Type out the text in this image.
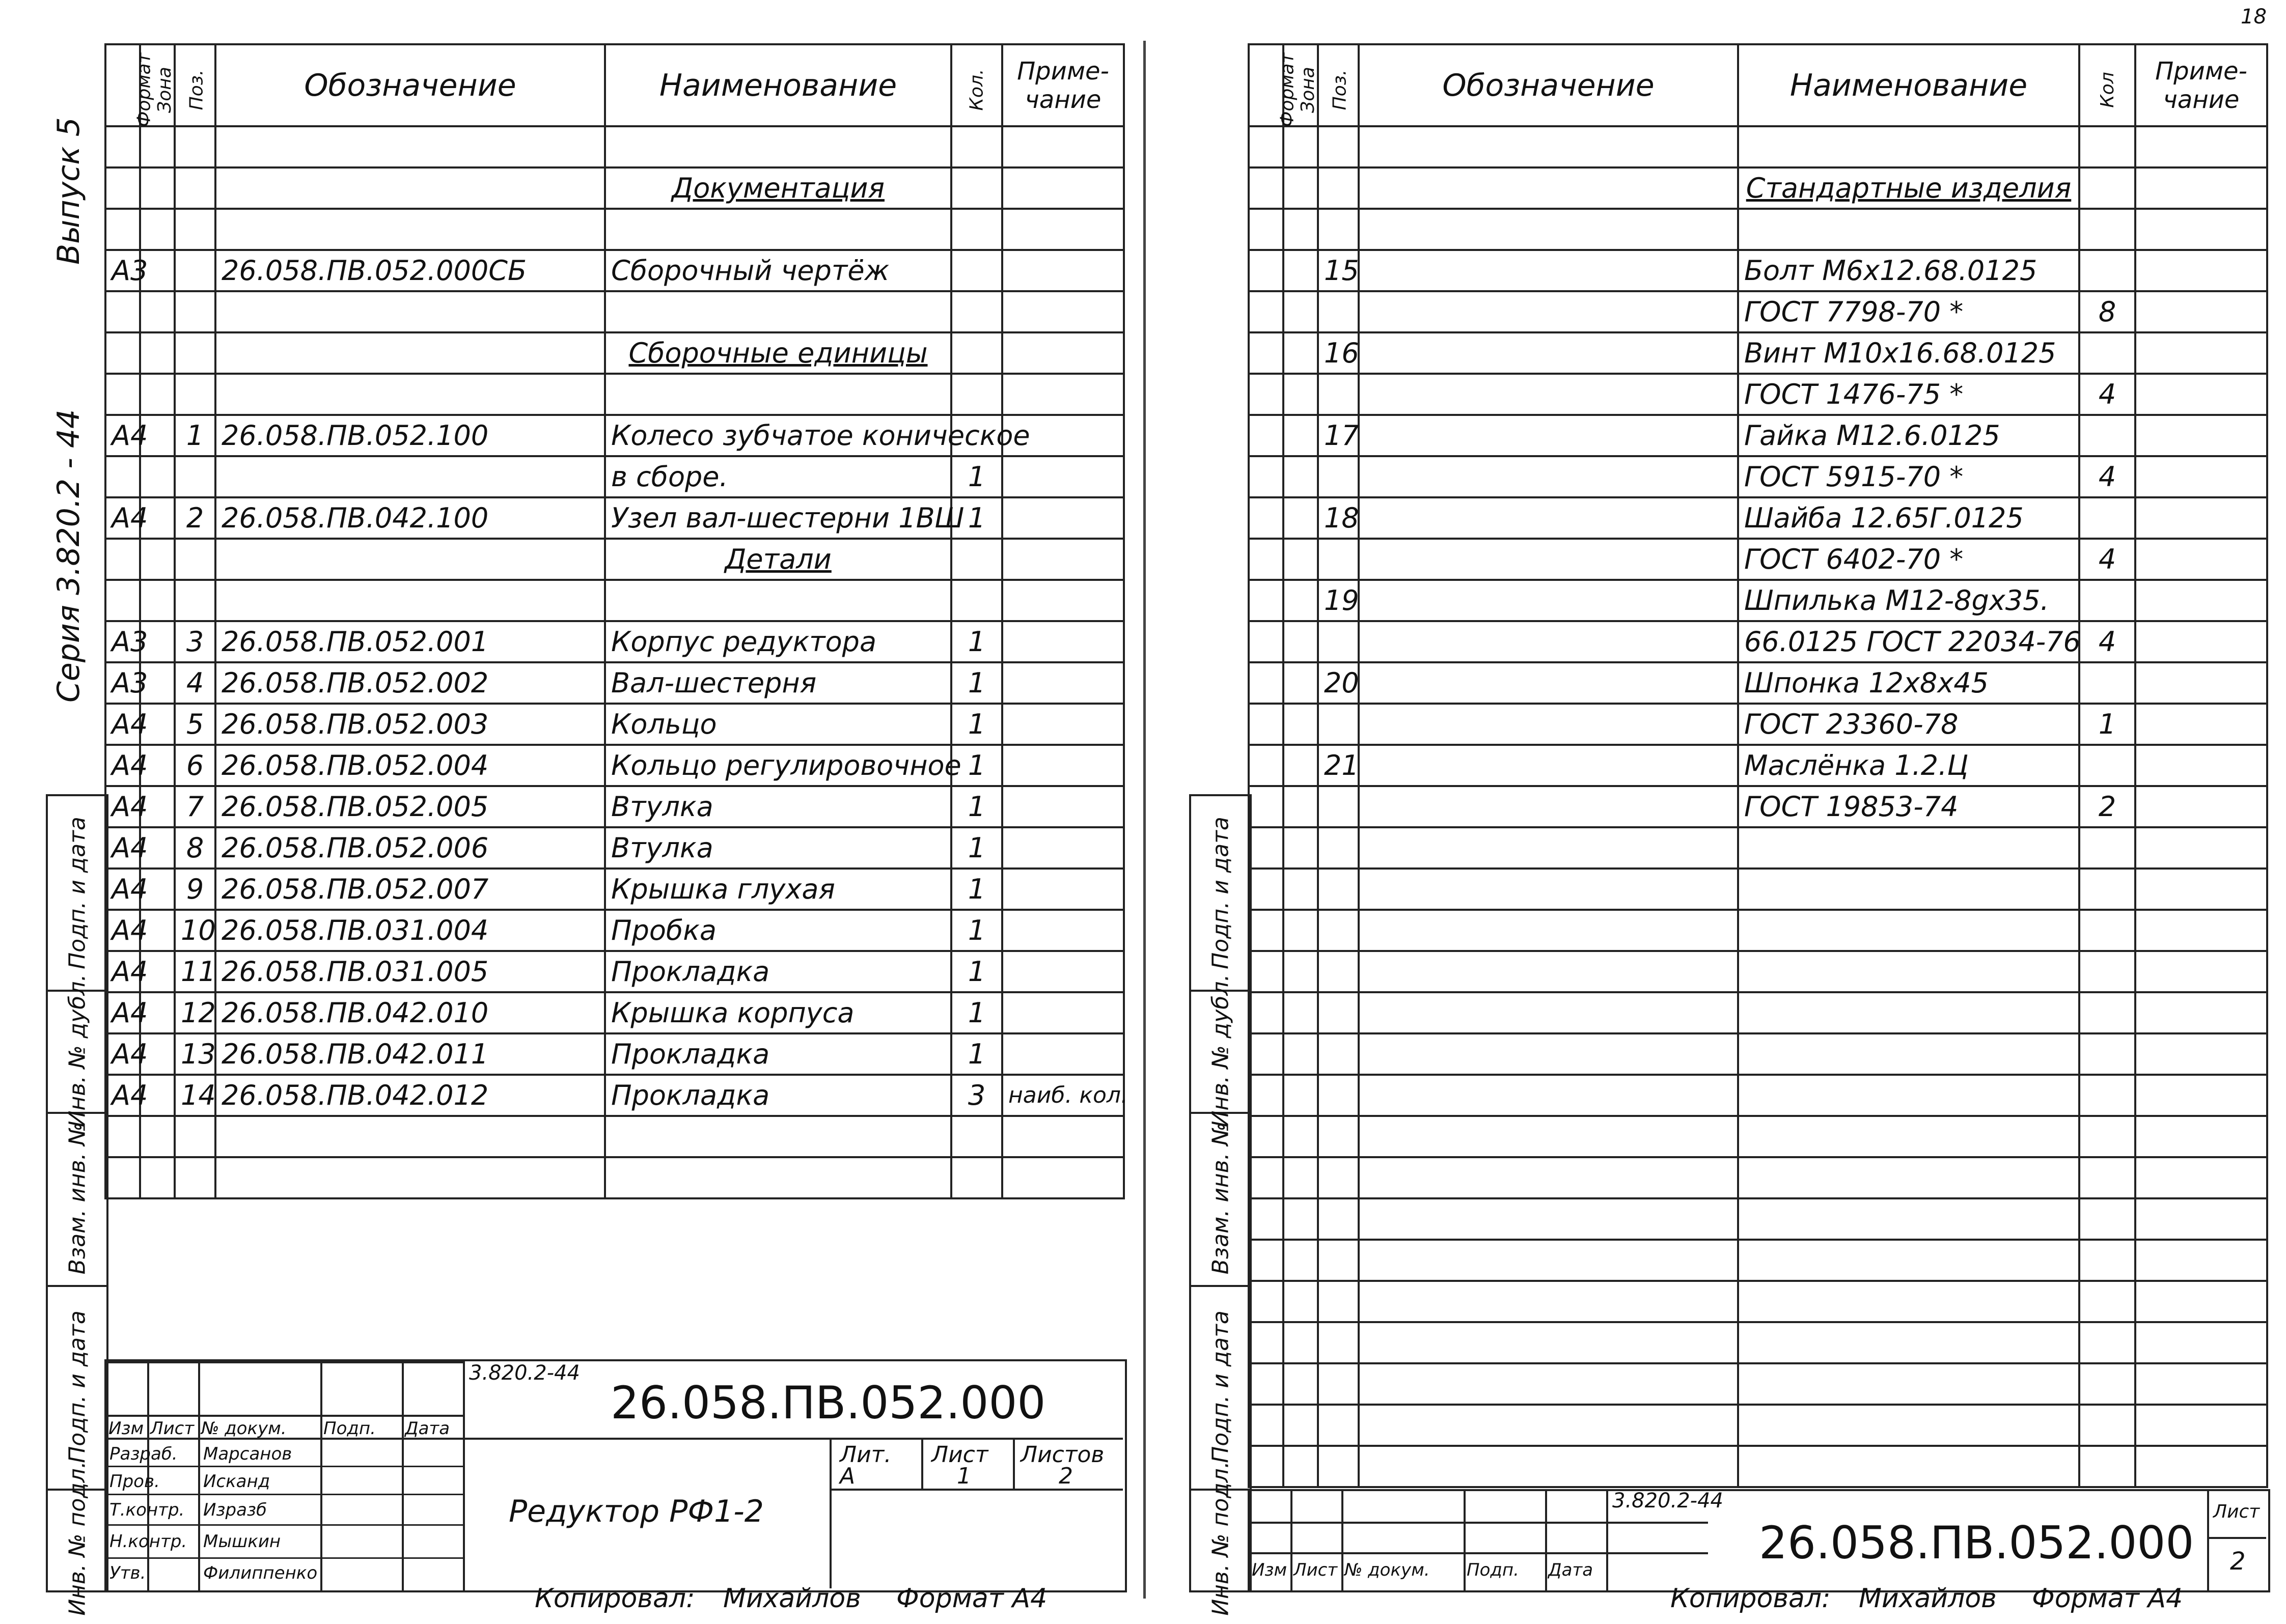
Выпуск 5
Серия 3.820.2 - 44
Формат	Зона	Поз.	Обозначение	Наименование	Кол.	Приме-чание

				Документация		

А3			26.058.ПВ.052.000СБ	Сборочный чертёж		

				Сборочные единицы		

А4		1	26.058.ПВ.052.100	Колесо зубчатое коническое		
				в сборе.	1	
А4		2	26.058.ПВ.042.100	Узел вал-шестерни 1ВШ	1	
				Детали		

А3		3	26.058.ПВ.052.001	Корпус редуктора	1	
А3		4	26.058.ПВ.052.002	Вал-шестерня	1	
А4		5	26.058.ПВ.052.003	Кольцо	1	
А4		6	26.058.ПВ.052.004	Кольцо регулировочное	1	
А4		7	26.058.ПВ.052.005	Втулка	1	
А4		8	26.058.ПВ.052.006	Втулка	1	
А4		9	26.058.ПВ.052.007	Крышка глухая	1	
А4		10	26.058.ПВ.031.004	Пробка	1	
А4		11	26.058.ПВ.031.005	Прокладка	1	
А4		12	26.058.ПВ.042.010	Крышка корпуса	1	
А4		13	26.058.ПВ.042.011	Прокладка	1	
А4		14	26.058.ПВ.042.012	Прокладка	3	наиб. кол.

Подп. и дата
Инв. № дубл.
Взам. инв. №
Подп. и дата
Инв. № подл.
Изм Лист № докум. Подп. Дата
Разраб. Марсанов
Пров.	Исканд
Т.контр. Изразб
Н.контр. Мышкин
Утв.	Филиппенко
3.820.2-44
26.058.ПВ.052.000
Редуктор РФ1-2
Лит.
А
Лист
1
Листов
2
Копировал: Михайлов Формат А4
18
Формат	Зона	Поз.	Обозначение	Наименование	Кол	Приме-чание

				Стандартные изделия		

		15		Болт М6х12.68.0125		
				ГОСТ 7798-70 *	8	
		16		Винт М10х16.68.0125		
				ГОСТ 1476-75 *	4	
		17		Гайка М12.6.0125		
				ГОСТ 5915-70 *	4	
		18		Шайба 12.65Г.0125		
				ГОСТ 6402-70 *	4	
		19		Шпилька М12-8gх35.		
				66.0125 ГОСТ 22034-76	4	
		20		Шпонка 12х8х45		
				ГОСТ 23360-78	1	
		21		Маслёнка 1.2.Ц		
				ГОСТ 19853-74	2	

Подп. и дата
Инв. № дубл.
Взам. инв. №
Подп. и дата
Инв. № подл. Изм Лист № докум. Подп. Дата
3.820.2-44
26.058.ПВ.052.000
Лист
2
Копировал: Михайлов Формат А4
